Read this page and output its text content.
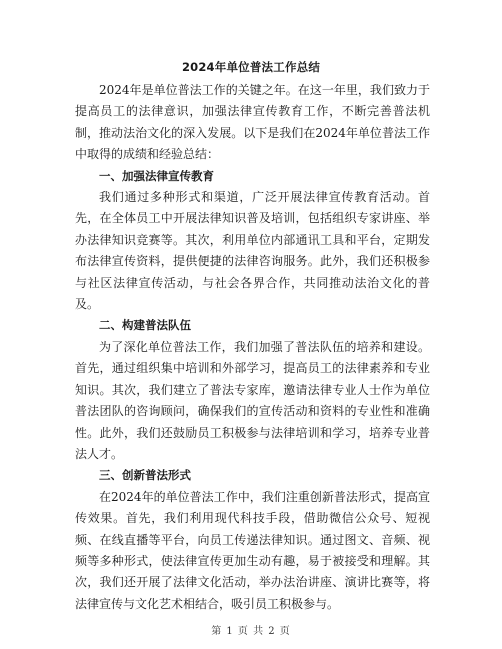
2024年单位普法工作总结

2024年是单位普法工作的关键之年。在这一年里，我们致力于提高员工的法律意识，加强法律宣传教育工作，不断完善普法机制，推动法治文化的深入发展。以下是我们在2024年单位普法工作中取得的成绩和经验总结：

一、加强法律宣传教育

我们通过多种形式和渠道，广泛开展法律宣传教育活动。首先，在全体员工中开展法律知识普及培训，包括组织专家讲座、举办法律知识竞赛等。其次，利用单位内部通讯工具和平台，定期发布法律宣传资料，提供便捷的法律咨询服务。此外，我们还积极参与社区法律宣传活动，与社会各界合作，共同推动法治文化的普及。

二、构建普法队伍

为了深化单位普法工作，我们加强了普法队伍的培养和建设。首先，通过组织集中培训和外部学习，提高员工的法律素养和专业知识。其次，我们建立了普法专家库，邀请法律专业人士作为单位普法团队的咨询顾问，确保我们的宣传活动和资料的专业性和准确性。此外，我们还鼓励员工积极参与法律培训和学习，培养专业普法人才。

三、创新普法形式

在2024年的单位普法工作中，我们注重创新普法形式，提高宣传效果。首先，我们利用现代科技手段，借助微信公众号、短视频、在线直播等平台，向员工传递法律知识。通过图文、音频、视频等多种形式，使法律宣传更加生动有趣，易于被接受和理解。其次，我们还开展了法律文化活动，举办法治讲座、演讲比赛等，将法律宣传与文化艺术相结合，吸引员工积极参与。

第 1 页 共 2 页
